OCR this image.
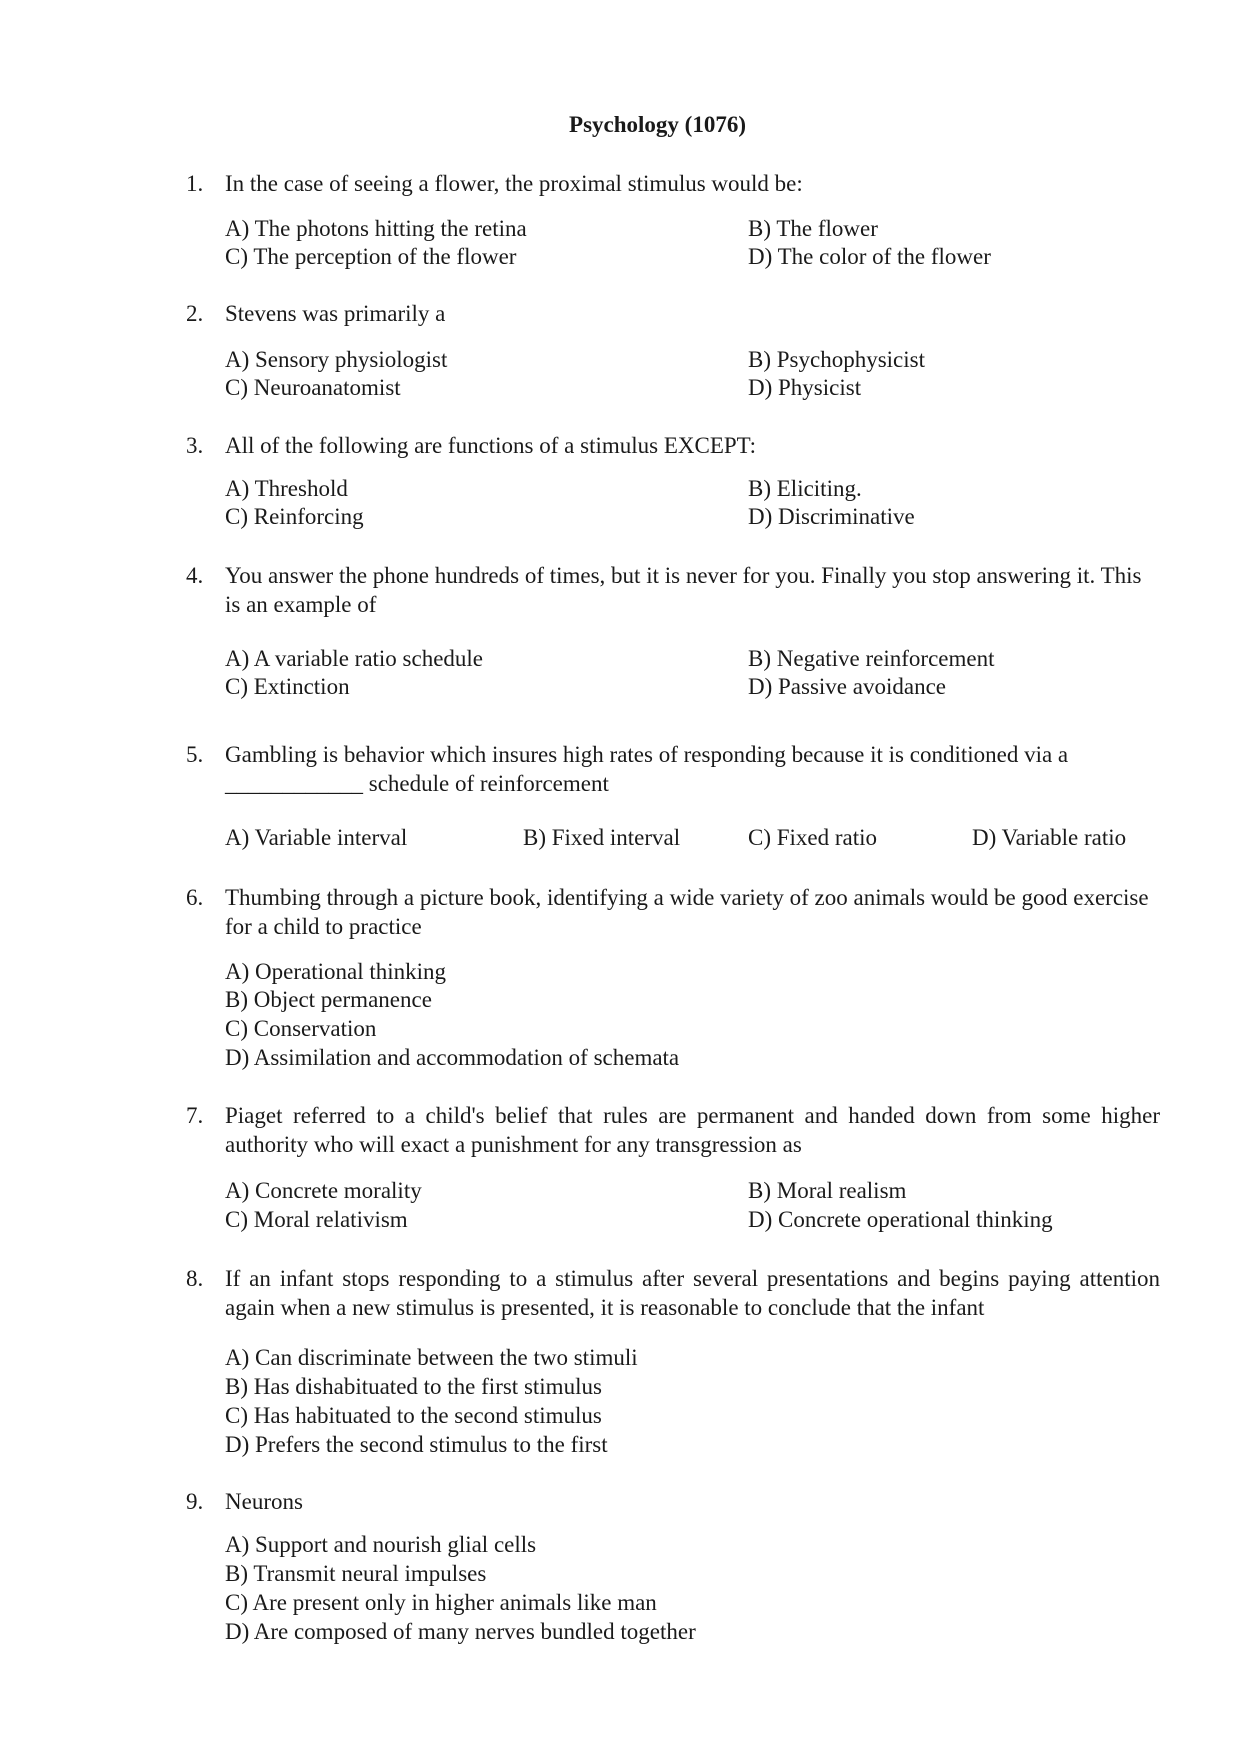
Psychology (1076)
1. In the case of seeing a flower, the proximal stimulus would be:
A) The photons hitting the retina	B) The flower
C) The perception of the flower	D) The color of the flower
2. Stevens was primarily a
A) Sensory physiologist	B) Psychophysicist
C) Neuroanatomist	D) Physicist
3. All of the following are functions of a stimulus EXCEPT:
A) Threshold	B) Eliciting.
C) Reinforcing	D) Discriminative
4. You answer the phone hundreds of times, but it is never for you. Finally you stop answering it. This is an example of
A) A variable ratio schedule	B) Negative reinforcement
C) Extinction	D) Passive avoidance
5. Gambling is behavior which insures high rates of responding because it is conditioned via a ____________ schedule of reinforcement
A) Variable interval	B) Fixed interval	C) Fixed ratio	D) Variable ratio
6. Thumbing through a picture book, identifying a wide variety of zoo animals would be good exercise for a child to practice
A) Operational thinking
B) Object permanence
C) Conservation
D) Assimilation and accommodation of schemata
7. Piaget referred to a child's belief that rules are permanent and handed down from some higher authority who will exact a punishment for any transgression as
A) Concrete morality	B) Moral realism
C) Moral relativism	D) Concrete operational thinking
8. If an infant stops responding to a stimulus after several presentations and begins paying attention again when a new stimulus is presented, it is reasonable to conclude that the infant
A) Can discriminate between the two stimuli
B) Has dishabituated to the first stimulus
C) Has habituated to the second stimulus
D) Prefers the second stimulus to the first
9. Neurons
A) Support and nourish glial cells
B) Transmit neural impulses
C) Are present only in higher animals like man
D) Are composed of many nerves bundled together
